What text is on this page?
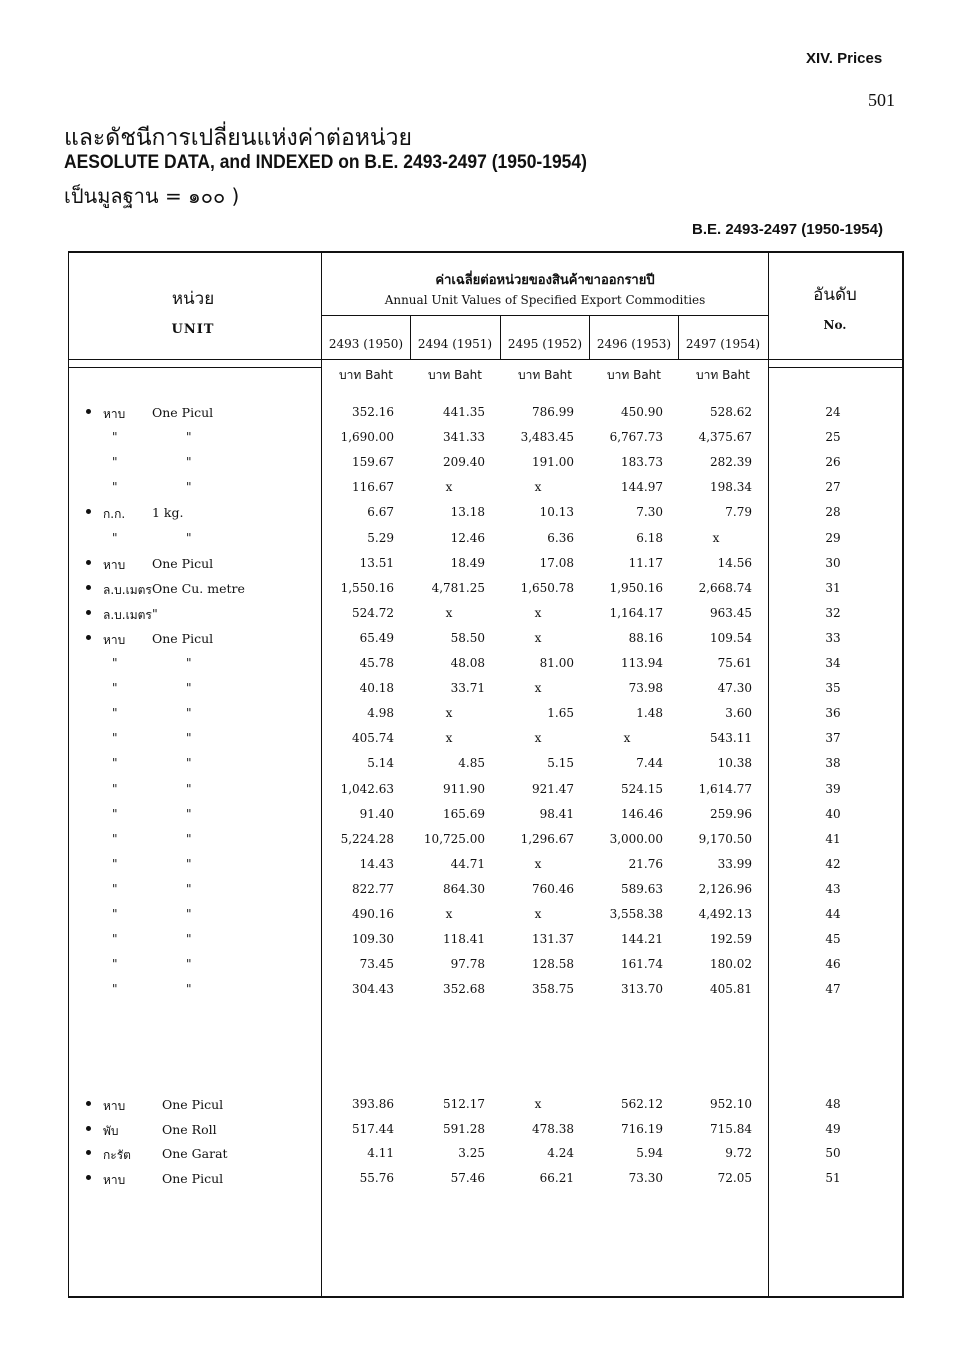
XIV. Prices
501
และดัชนีการเปลี่ยนแห่งค่าต่อหน่วย
AESOLUTE DATA, and INDEXED on B.E. 2493-2497 (1950-1954)
เป็นมูลฐาน = ๑๐๐ )
B.E. 2493-2497 (1950-1954)
หน่วย
UNIT
ค่าเฉลี่ยต่อหน่วยของสินค้าขาออกรายปี
Annual Unit Values of Specified Export Commodities	อันดับ
No.
2493 (1950)	2494 (1951)	2495 (1952)	2496 (1953)	2497 (1954)
บาท Baht	บาท Baht	บาท Baht	บาท Baht	บาท Baht
หาบ One Picul	352.16	441.35	786.99	450.90	528.62	24
"	"	1,690.00	341.33	3,483.45	6,767.73	4,375.67	25
"	"	159.67	209.40	191.00	183.73	282.39	26
"	"	116.67	x	x	144.97	198.34	27
ก.ก. 1 kg.	6.67	13.18	10.13	7.30	7.79	28
"	"	5.29	12.46	6.36	6.18	x	29
หาบ One Picul	13.51	18.49	17.08	11.17	14.56	30
ล.บ.เมตร One Cu. metre	1,550.16	4,781.25	1,650.78	1,950.16	2,668.74	31
ล.บ.เมตร "	524.72	x	x	1,164.17	963.45	32
หาบ One Picul	65.49	58.50	x	88.16	109.54	33
"	"	45.78	48.08	81.00	113.94	75.61	34
"	"	40.18	33.71	x	73.98	47.30	35
"	"	4.98	x	1.65	1.48	3.60	36
"	"	405.74	x	x	x	543.11	37
"	"	5.14	4.85	5.15	7.44	10.38	38
"	"	1,042.63	911.90	921.47	524.15	1,614.77	39
"	"	91.40	165.69	98.41	146.46	259.96	40
"	"	5,224.28	10,725.00	1,296.67	3,000.00	9,170.50	41
"	"	14.43	44.71	x	21.76	33.99	42
"	"	822.77	864.30	760.46	589.63	2,126.96	43
"	"	490.16	x	x	3,558.38	4,492.13	44
"	"	109.30	118.41	131.37	144.21	192.59	45
"	"	73.45	97.78	128.58	161.74	180.02	46
"	"	304.43	352.68	358.75	313.70	405.81	47
หาบ	One Picul	393.86	512.17	x	562.12	952.10	48
พับ	One Roll	517.44	591.28	478.38	716.19	715.84	49
กะรัต One Garat	4.11	3.25	4.24	5.94	9.72	50
หาบ	One Picul	55.76	57.46	66.21	73.30	72.05	51
